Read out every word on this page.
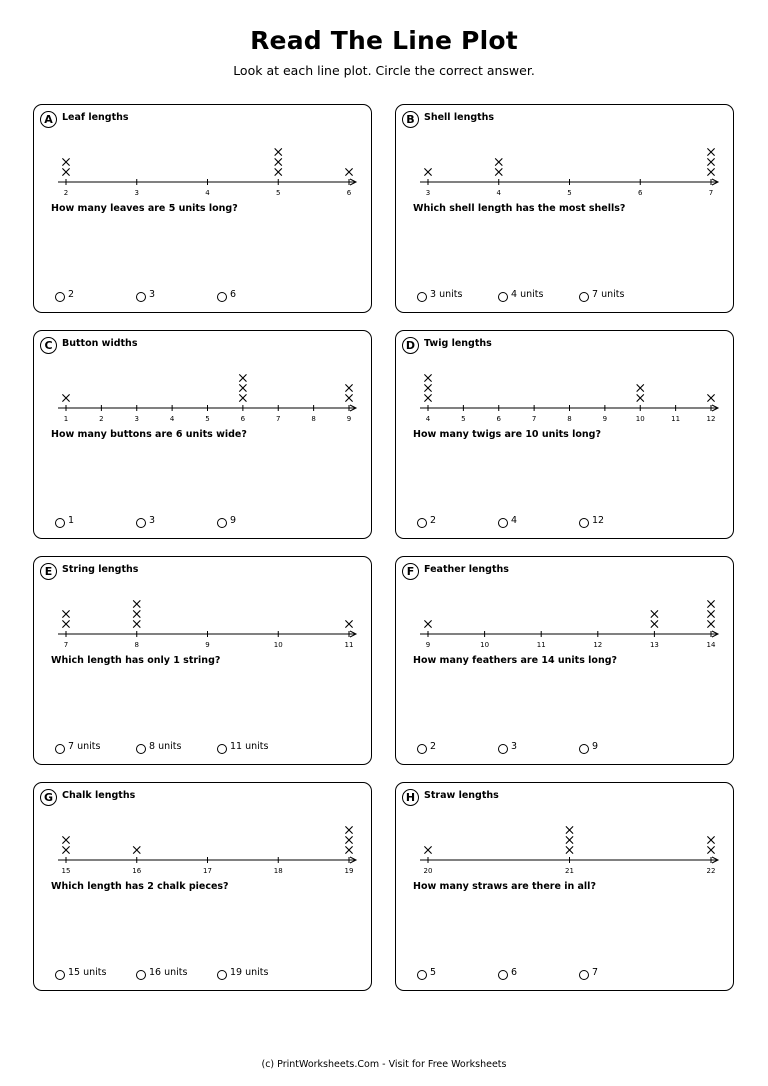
Read The Line Plot
Look at each line plot. Circle the correct answer.
A Leaf lengths
2	3	4	5	6
How many leaves are 5 units long?
2	3	6
B Shell lengths
3	4	5	6	7
Which shell length has the most shells?
3 units	4 units	7 units
C Button widths
1	2	3	4	5	6	7	8	9
How many buttons are 6 units wide?
1	3	9
D Twig lengths
4	5	6	7	8	9	10	11	12
How many twigs are 10 units long?
2	4	12
E	String lengths
7	8	9	10	11
Which length has only 1 string?
7 units	8 units	11 units
F	Feather lengths
9	10	11	12	13	14
How many feathers are 14 units long?
2	3	9
G Chalk lengths
15	16	17	18	19
Which length has 2 chalk pieces?
15 units	16 units	19 units
H Straw lengths
20	21	22
How many straws are there in all?
5	6	7
(c) PrintWorksheets.Com - Visit for Free Worksheets
